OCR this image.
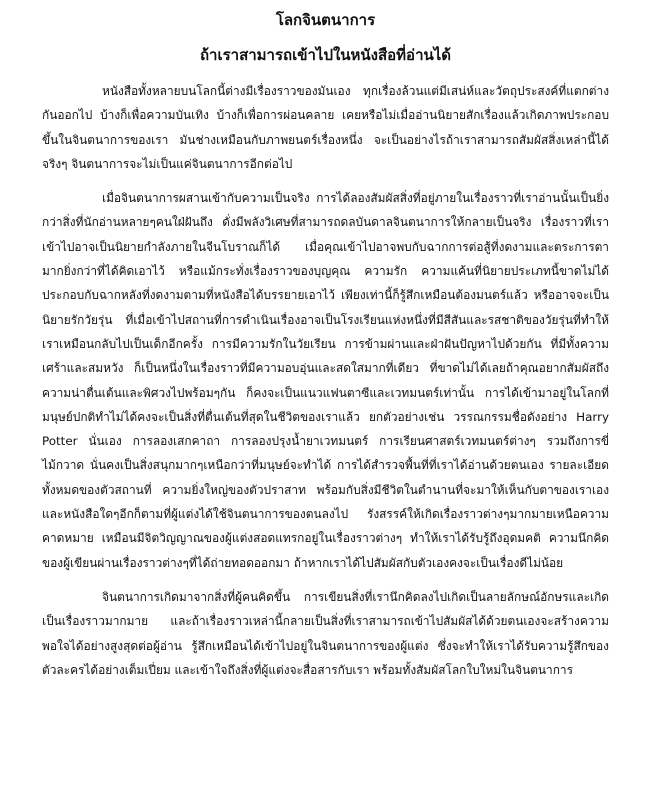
โลกจินตนาการ
ถ้าเราสามารถเข้าไปในหนังสือที่อ่านได้

หนังสือทั้งหลายบนโลกนี้ต่างมีเรื่องราวของมันเอง ทุกเรื่องล้วนแต่มีเสน่ห์และวัตถุประสงค์ที่แตกต่างกันออกไป บ้างก็เพื่อความบันเทิง บ้างก็เพื่อการผ่อนคลาย เคยหรือไม่เมื่ออ่านนิยายสักเรื่องแล้วเกิดภาพประกอบขึ้นในจินตนาการของเรา มันช่างเหมือนกับภาพยนตร์เรื่องหนึ่ง จะเป็นอย่างไรถ้าเราสามารถสัมผัสสิ่งเหล่านี้ได้จริงๆ จินตนาการจะไม่เป็นแค่จินตนาการอีกต่อไป

เมื่อจินตนาการผสานเข้ากับความเป็นจริง การได้ลองสัมผัสสิ่งที่อยู่ภายในเรื่องราวที่เราอ่านนั้นเป็นยิ่งกว่าสิ่งที่นักอ่านหลายๆคนใฝ่ฝันถึง ดั่งมีพลังวิเศษที่สามารถดลบันดาลจินตนาการให้กลายเป็นจริง เรื่องราวที่เราเข้าไปอาจเป็นนิยายกำลังภายในจีนโบราณก็ได้ เมื่อคุณเข้าไปอาจพบกับฉากการต่อสู้ที่งดงามและตระการตามากยิ่งกว่าที่ได้คิดเอาไว้ หรือแม้กระทั่งเรื่องราวของบุญคุณ ความรัก ความแค้นที่นิยายประเภทนี้ขาดไม่ได้ ประกอบกับฉากหลังที่งดงามตามที่หนังสือได้บรรยายเอาไว้ เพียงเท่านี้ก็รู้สึกเหมือนต้องมนตร์แล้ว หรืออาจจะเป็นนิยายรักวัยรุ่น ที่เมื่อเข้าไปสถานที่การดำเนินเรื่องอาจเป็นโรงเรียนแห่งหนึ่งที่มีสีสันและรสชาติของวัยรุ่นที่ทำให้เราเหมือนกลับไปเป็นเด็กอีกครั้ง การมีความรักในวัยเรียน การข้ามผ่านและฝ่าฝันปัญหาไปด้วยกัน ที่มีทั้งความเศร้าและสมหวัง ก็เป็นหนึ่งในเรื่องราวที่มีความอบอุ่นและสดใสมากที่เดียว ที่ขาดไม่ได้เลยถ้าคุณอยากสัมผัสถึงความน่าตื่นเต้นและพิศวงไปพร้อมๆกัน ก็คงจะเป็นแนวแฟนตาซีและเวทมนตร์เท่านั้น การได้เข้ามาอยู่ในโลกที่มนุษย์ปกติทำไม่ได้คงจะเป็นสิ่งที่ตื่นเต้นที่สุดในชีวิตของเราแล้ว ยกตัวอย่างเช่น วรรณกรรมชื่อดังอย่าง Harry Potter นั่นเอง การลองเสกคาถา การลองปรุงน้ำยาเวทมนตร์ การเรียนศาสตร์เวทมนตร์ต่างๆ รวมถึงการขี่ไม้กวาด นั่นคงเป็นสิ่งสนุกมากๆเหนือกว่าที่มนุษย์จะทำได้ การได้สำรวจพื้นที่ที่เราได้อ่านด้วยตนเอง รายละเอียดทั้งหมดของตัวสถานที่ ความยิ่งใหญ่ของตัวปราสาท พร้อมกับสิ่งมีชีวิตในตำนานที่จะมาให้เห็นกับตาของเราเอง และหนังสือใดๆอีกก็ตามที่ผู้แต่งได้ใช้จินตนาการของตนลงไป รังสรรค์ให้เกิดเรื่องราวต่างๆมากมายเหนือความคาดหมาย เหมือนมีจิตวิญญาณของผู้แต่งสอดแทรกอยู่ในเรื่องราวต่างๆ ทำให้เราได้รับรู้ถึงอุดมคติ ความนึกคิดของผู้เขียนผ่านเรื่องราวต่างๆที่ได้ถ่ายทอดออกมา ถ้าหากเราได้ไปสัมผัสกับตัวเองคงจะเป็นเรื่องดีไม่น้อย

จินตนาการเกิดมาจากสิ่งที่ผู้คนคิดขึ้น การเขียนสิ่งที่เรานึกคิดลงไปเกิดเป็นลายลักษณ์อักษรและเกิดเป็นเรื่องราวมากมาย และถ้าเรื่องราวเหล่านี้กลายเป็นสิ่งที่เราสามารถเข้าไปสัมผัสได้ด้วยตนเองจะสร้างความพอใจได้อย่างสูงสุดต่อผู้อ่าน รู้สึกเหมือนได้เข้าไปอยู่ในจินตนาการของผู้แต่ง ซึ่งจะทำให้เราได้รับความรู้สึกของตัวละครได้อย่างเต็มเปี่ยม และเข้าใจถึงสิ่งที่ผู้แต่งจะสื่อสารกับเรา พร้อมทั้งสัมผัสโลกใบใหม่ในจินตนาการ
